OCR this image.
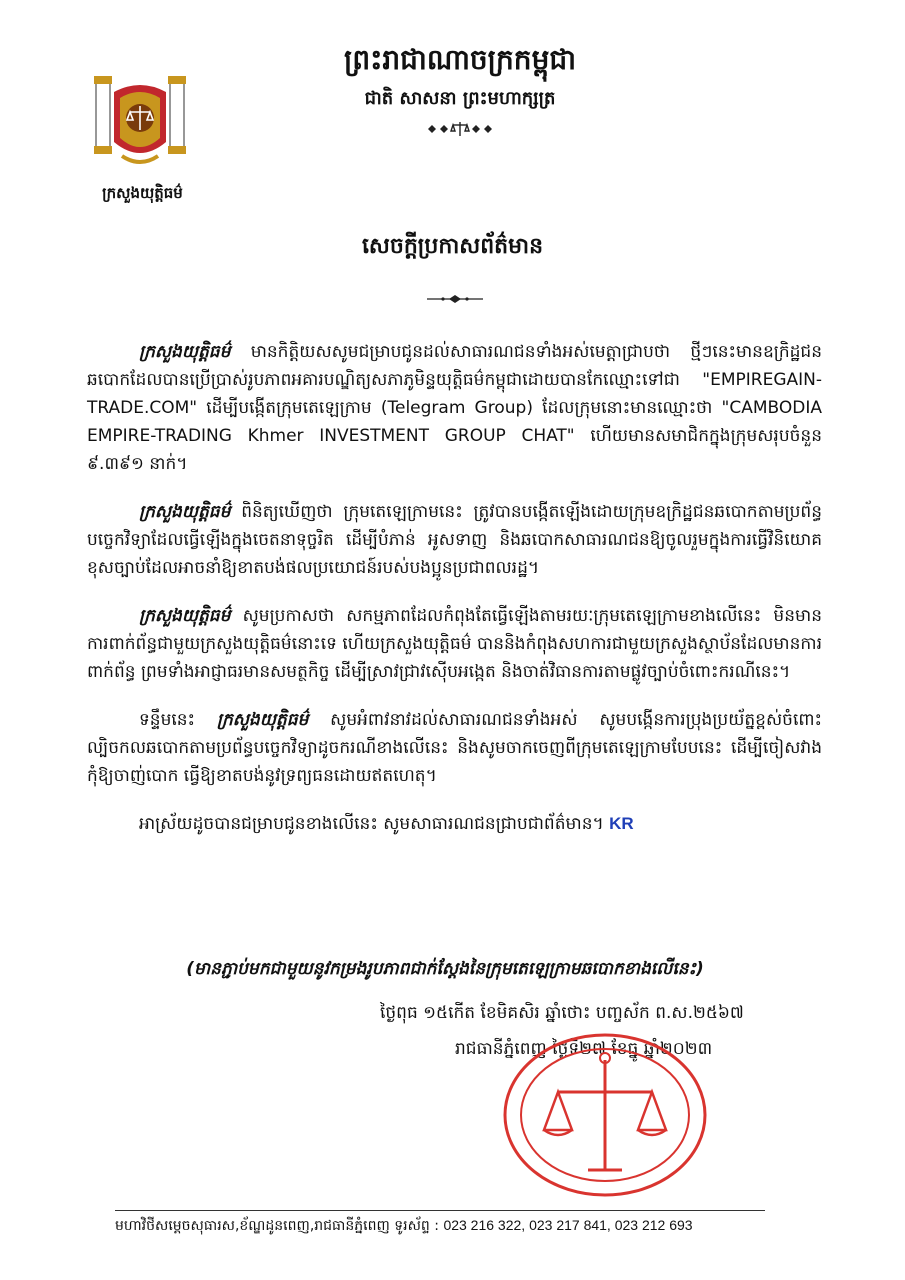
ព្រះរាជាណាចក្រកម្ពុជា
ជាតិ សាសនា ព្រះមហាក្សត្រ
ក្រសួងយុត្តិធម៌
សេចក្តីប្រកាសព័ត៌មាន

ក្រសួងយុត្តិធម៌ មានកិត្តិយសសូមជម្រាបជូនដល់សាធារណជនទាំងអស់មេត្តាជ្រាបថា ថ្មីៗនេះមានឧក្រិដ្ឋជនឆបោកដែលបានប្រើប្រាស់រូបភាពអគារបណ្ឌិត្យសភាភូមិន្ទយុត្តិធម៌កម្ពុជាដោយបានកែឈ្មោះទៅជា "EMPIREGAIN-TRADE.COM" ដើម្បីបង្កើតក្រុមតេឡេក្រាម (Telegram Group) ដែលក្រុមនោះមានឈ្មោះថា "CAMBODIA EMPIRE-TRADING Khmer INVESTMENT GROUP CHAT" ហើយមានសមាជិកក្នុងក្រុមសរុបចំនួន ៩.៣៩១ នាក់។

ក្រសួងយុត្តិធម៌ ពិនិត្យឃើញថា ក្រុមតេឡេក្រាមនេះ ត្រូវបានបង្កើតឡើងដោយក្រុមឧក្រិដ្ឋជនឆបោកតាមប្រព័ន្ធបច្ចេកវិទ្យាដែលធ្វើឡើងក្នុងចេតនាទុច្ចរិត ដើម្បីបំភាន់ អូសទាញ និងឆបោកសាធារណជនឱ្យចូលរួមក្នុងការធ្វើវិនិយោគខុសច្បាប់ដែលអាចនាំឱ្យខាតបង់ផលប្រយោជន៍របស់បងប្អូនប្រជាពលរដ្ឋ។

ក្រសួងយុត្តិធម៌ សូមប្រកាសថា សកម្មភាពដែលកំពុងតែធ្វើឡើងតាមរយៈក្រុមតេឡេក្រាមខាងលើនេះ មិនមានការពាក់ព័ន្ធជាមួយក្រសួងយុត្តិធម៌នោះទេ ហើយក្រសួងយុត្តិធម៌ បាននិងកំពុងសហការជាមួយក្រសួងស្ថាប័នដែលមានការពាក់ព័ន្ធ ព្រមទាំងអាជ្ញាធរមានសមត្ថកិច្ច ដើម្បីស្រាវជ្រាវស៊ើបអង្កេត និងចាត់វិធានការតាមផ្លូវច្បាប់ចំពោះករណីនេះ។

ទន្ទឹមនេះ ក្រសួងយុត្តិធម៌ សូមអំពាវនាវដល់សាធារណជនទាំងអស់ សូមបង្កើនការប្រុងប្រយ័ត្នខ្ពស់ចំពោះល្បិចកលឆបោកតាមប្រព័ន្ធបច្ចេកវិទ្យាដូចករណីខាងលើនេះ និងសូមចាកចេញពីក្រុមតេឡេក្រាមបែបនេះ ដើម្បីចៀសវាងកុំឱ្យចាញ់បោក ធ្វើឱ្យខាតបង់នូវទ្រព្យធនដោយឥតហេតុ។

អាស្រ័យដូចបានជម្រាបជូនខាងលើនេះ សូមសាធារណជនជ្រាបជាព័ត៌មាន។ KR
(មានភ្ជាប់មកជាមួយនូវកម្រងរូបភាពជាក់ស្តែងនៃក្រុមតេឡេក្រាមឆបោកខាងលើនេះ)
ថ្ងៃពុធ ១៥កើត ខែមិគសិរ ឆ្នាំថោះ បញ្ចស័ក ព.ស.២៥៦៧
រាជធានីភ្នំពេញ ថ្ងៃទី២៧ ខែធ្នូ ឆ្នាំ២០២៣
មហាវិថីសម្តេចសុធារស,ខ័ណ្ឌដូនពេញ,រាជធានីភ្នំពេញ ទូរស័ព្ទ : 023 216 322, 023 217 841, 023 212 693
